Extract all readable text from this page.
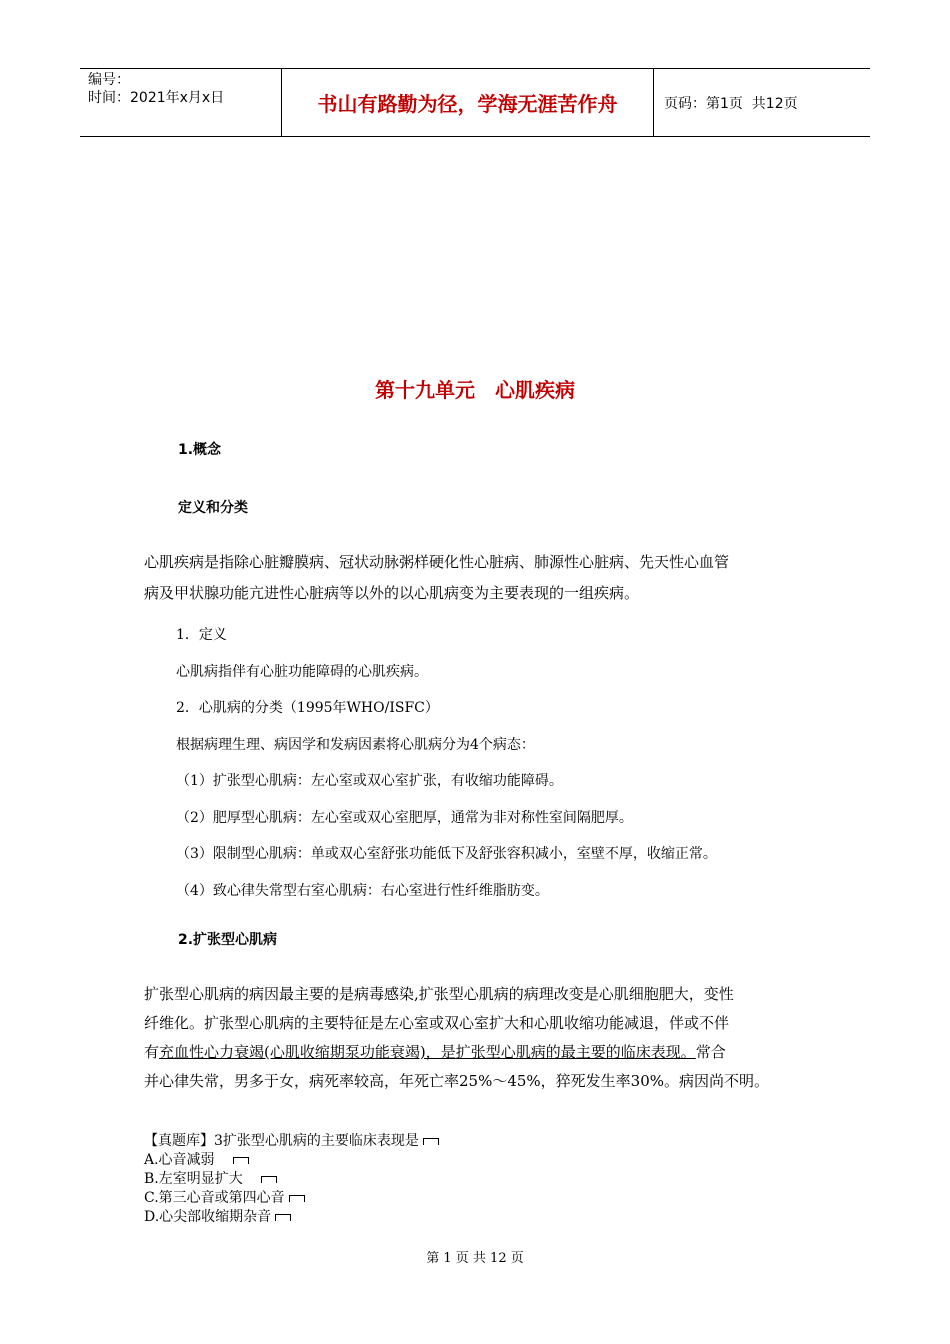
编号：
时间：2021年x月x日	书山有路勤为径，学海无涯苦作舟	页码：第1页  共12页
第十九单元　心肌疾病
1.概念
定义和分类
心肌疾病是指除心脏瓣膜病、冠状动脉粥样硬化性心脏病、肺源性心脏病、先天性心血管
病及甲状腺功能亢进性心脏病等以外的以心肌病变为主要表现的一组疾病。
1．定义
心肌病指伴有心脏功能障碍的心肌疾病。
2．心肌病的分类（1995年WHO/ISFC）
根据病理生理、病因学和发病因素将心肌病分为4个病态：
（1）扩张型心肌病：左心室或双心室扩张，有收缩功能障碍。
（2）肥厚型心肌病：左心室或双心室肥厚，通常为非对称性室间隔肥厚。
（3）限制型心肌病：单或双心室舒张功能低下及舒张容积减小，室壁不厚，收缩正常。
（4）致心律失常型右室心肌病：右心室进行性纤维脂肪变。
2.扩张型心肌病
扩张型心肌病的病因最主要的是病毒感染,扩张型心肌病的病理改变是心肌细胞肥大，变性
纤维化。扩张型心肌病的主要特征是左心室或双心室扩大和心肌收缩功能减退，伴或不伴
有充血性心力衰竭(心肌收缩期泵功能衰竭)，是扩张型心肌病的最主要的临床表现。常合
并心律失常，男多于女，病死率较高，年死亡率25%～45%，猝死发生率30%。病因尚不明。
【真题库】3扩张型心肌病的主要临床表现是
A.心音减弱
B.左室明显扩大
C.第三心音或第四心音
D.心尖部收缩期杂音
第 1 页 共 12 页
